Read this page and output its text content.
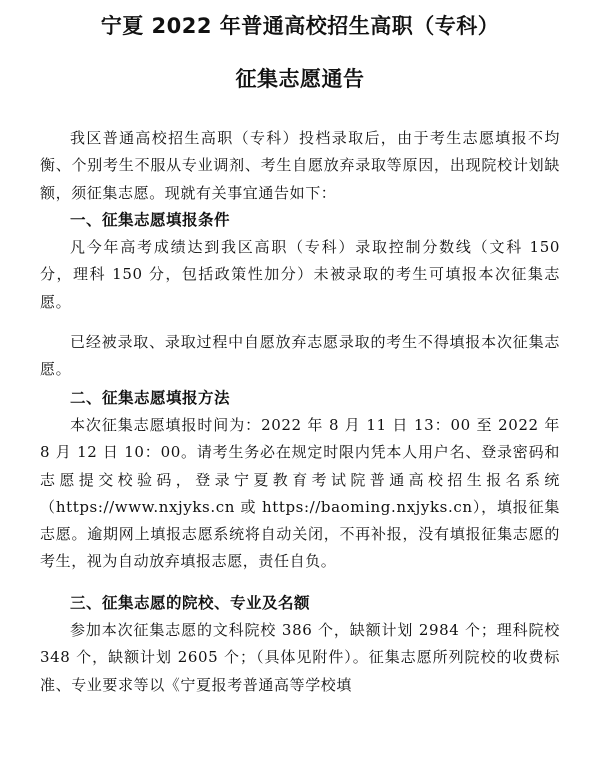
宁夏 2022 年普通高校招生高职（专科）
征集志愿通告

我区普通高校招生高职（专科）投档录取后，由于考生志愿填报不均衡、个别考生不服从专业调剂、考生自愿放弃录取等原因，出现院校计划缺额，须征集志愿。现就有关事宜通告如下：

一、征集志愿填报条件

凡今年高考成绩达到我区高职（专科）录取控制分数线（文科 150 分，理科 150 分，包括政策性加分）未被录取的考生可填报本次征集志愿。

已经被录取、录取过程中自愿放弃志愿录取的考生不得填报本次征集志愿。

二、征集志愿填报方法

本次征集志愿填报时间为：2022 年 8 月 11 日 13：00 至 2022 年 8 月 12 日 10：00。请考生务必在规定时限内凭本人用户名、登录密码和志愿提交校验码，登录宁夏教育考试院普通高校招生报名系统（https://www.nxjyks.cn 或 https://baoming.nxjyks.cn），填报征集志愿。逾期网上填报志愿系统将自动关闭，不再补报，没有填报征集志愿的考生，视为自动放弃填报志愿，责任自负。

三、征集志愿的院校、专业及名额

参加本次征集志愿的文科院校 386 个，缺额计划 2984 个；理科院校 348 个，缺额计划 2605 个；（具体见附件）。征集志愿所列院校的收费标准、专业要求等以《宁夏报考普通高等学校填
